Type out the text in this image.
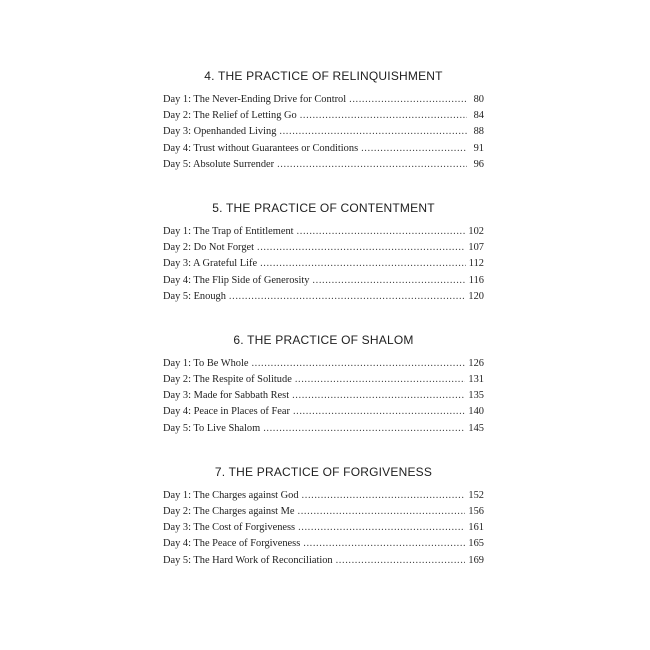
4. THE PRACTICE OF RELINQUISHMENT
Day 1: The Never-Ending Drive for Control . . .	80
Day 2: The Relief of Letting Go . . .	84
Day 3: Openhanded Living . . .	88
Day 4: Trust without Guarantees or Conditions . . .	91
Day 5: Absolute Surrender . . .	96
5. THE PRACTICE OF CONTENTMENT
Day 1: The Trap of Entitlement . . .	102
Day 2: Do Not Forget . . .	107
Day 3: A Grateful Life . . .	112
Day 4: The Flip Side of Generosity . . .	116
Day 5: Enough . . .	120
6. THE PRACTICE OF SHALOM
Day 1: To Be Whole . . .	126
Day 2: The Respite of Solitude . . .	131
Day 3: Made for Sabbath Rest . . .	135
Day 4: Peace in Places of Fear . . .	140
Day 5: To Live Shalom . . .	145
7. THE PRACTICE OF FORGIVENESS
Day 1: The Charges against God . . .	152
Day 2: The Charges against Me . . .	156
Day 3: The Cost of Forgiveness . . .	161
Day 4: The Peace of Forgiveness . . .	165
Day 5: The Hard Work of Reconciliation . . .	169
